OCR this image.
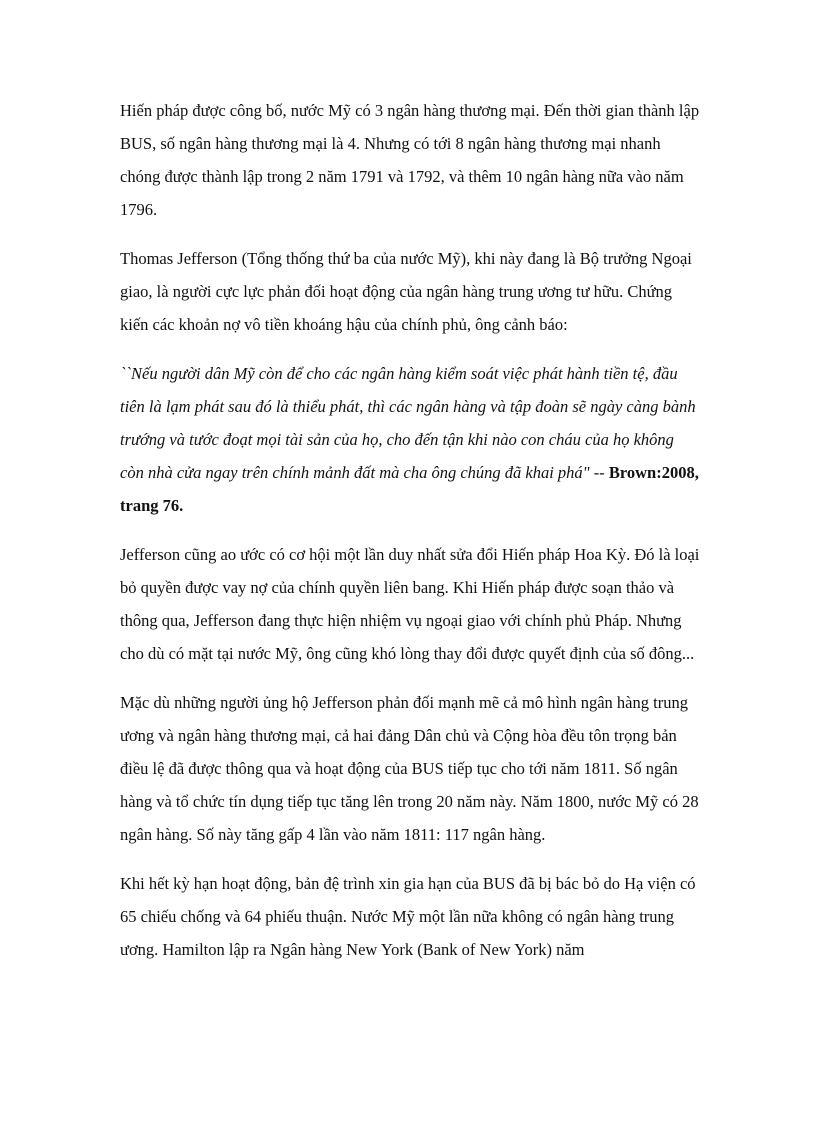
Hiến pháp được công bố, nước Mỹ có 3 ngân hàng thương mại. Đến thời gian thành lập BUS, số ngân hàng thương mại là 4. Nhưng có tới 8 ngân hàng thương mại nhanh chóng được thành lập trong 2 năm 1791 và 1792, và thêm 10 ngân hàng nữa vào năm 1796.

Thomas Jefferson (Tổng thống thứ ba của nước Mỹ), khi này đang là Bộ trưởng Ngoại giao, là người cực lực phản đối hoạt động của ngân hàng trung ương tư hữu. Chứng kiến các khoản nợ vô tiền khoáng hậu của chính phủ, ông cảnh báo:

``Nếu người dân Mỹ còn để cho các ngân hàng kiểm soát việc phát hành tiền tệ, đầu tiên là lạm phát sau đó là thiểu phát, thì các ngân hàng và tập đoàn sẽ ngày càng bành trướng và tước đoạt mọi tài sản của họ, cho đến tận khi nào con cháu của họ không còn nhà cửa ngay trên chính mảnh đất mà cha ông chúng đã khai phá" -- Brown:2008, trang 76.

Jefferson cũng ao ước có cơ hội một lần duy nhất sửa đổi Hiến pháp Hoa Kỳ. Đó là loại bỏ quyền được vay nợ của chính quyền liên bang. Khi Hiến pháp được soạn thảo và thông qua, Jefferson đang thực hiện nhiệm vụ ngoại giao với chính phủ Pháp. Nhưng cho dù có mặt tại nước Mỹ, ông cũng khó lòng thay đổi được quyết định của số đông...

Mặc dù những người ủng hộ Jefferson phản đối mạnh mẽ cả mô hình ngân hàng trung ương và ngân hàng thương mại, cả hai đảng Dân chủ và Cộng hòa đều tôn trọng bản điều lệ đã được thông qua và hoạt động của BUS tiếp tục cho tới năm 1811. Số ngân hàng và tổ chức tín dụng tiếp tục tăng lên trong 20 năm này. Năm 1800, nước Mỹ có 28 ngân hàng. Số này tăng gấp 4 lần vào năm 1811: 117 ngân hàng.

Khi hết kỳ hạn hoạt động, bản đệ trình xin gia hạn của BUS đã bị bác bỏ do Hạ viện có 65 chiếu chống và 64 phiếu thuận. Nước Mỹ một lần nữa không có ngân hàng trung ương. Hamilton lập ra Ngân hàng New York (Bank of New York) năm
